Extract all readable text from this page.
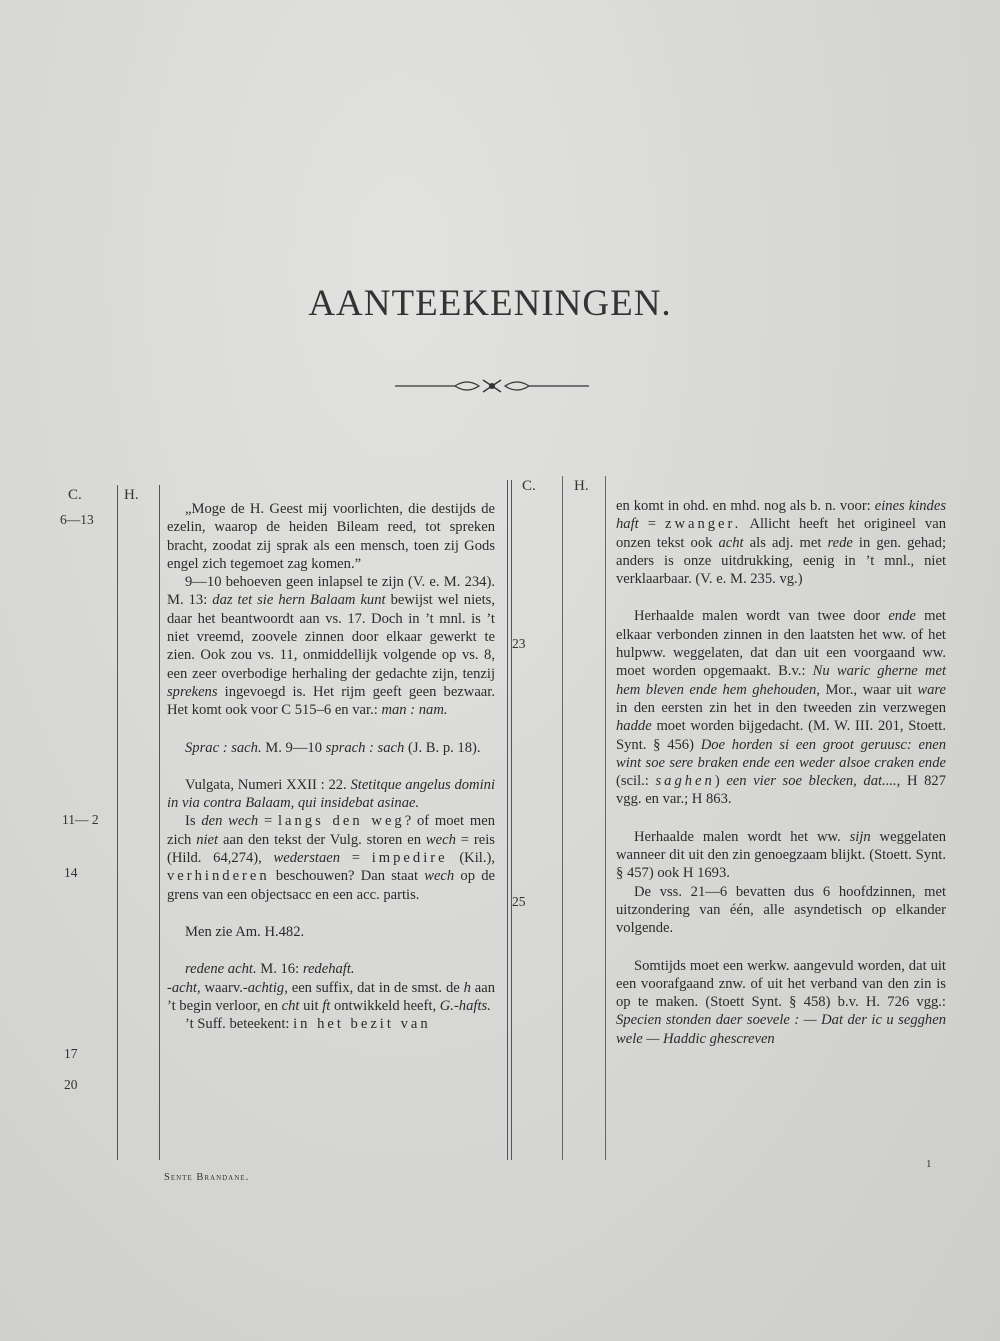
AANTEEKENINGEN.
C.	H.
6—13
11— 2
14
17
20

„Moge de H. Geest mij voorlichten, die destijds de ezelin, waarop de heiden Bileam reed, tot spreken bracht, zoodat zij sprak als een mensch, toen zij Gods engel zich tegemoet zag komen.”

9—10 behoeven geen inlapsel te zijn (V. e. M. 234). M. 13: daz tet sie hern Balaam kunt bewijst wel niets, daar het beantwoordt aan vs. 17. Doch in ’t mnl. is ’t niet vreemd, zoovele zinnen door elkaar gewerkt te zien. Ook zou vs. 11, onmiddellijk volgende op vs. 8, een zeer overbodige herhaling der gedachte zijn, tenzij sprekens ingevoegd is. Het rijm geeft geen bezwaar. Het komt ook voor C 515–6 en var.: man : nam.

Sprac : sach. M. 9—10 sprach : sach (J. B. p. 18).

Vulgata, Numeri XXII : 22. Stetitque angelus domini in via contra Balaam, qui insidebat asinae.

Is den wech = langs den weg? of moet men zich niet aan den tekst der Vulg. storen en wech = reis (Hild. 64,274), wederstaen = impedire (Kil.), verhinderen beschouwen? Dan staat wech op de grens van een objectsacc en een acc. partis.

Men zie Am. H.482.

redene acht. M. 16: redehaft.

-acht, waarv.-achtig, een suffix, dat in de smst. de h aan ’t begin verloor, en cht uit ft ontwikkeld heeft, G.-hafts.

’t Suff. beteekent: in het bezit van

C.	H.
23
25

en komt in ohd. en mhd. nog als b. n. voor: eines kindes haft = zwanger. Allicht heeft het origineel van onzen tekst ook acht als adj. met rede in gen. gehad; anders is onze uitdrukking, eenig in ’t mnl., niet verklaarbaar. (V. e. M. 235. vg.)

Herhaalde malen wordt van twee door ende met elkaar verbonden zinnen in den laatsten het ww. of het hulpww. weggelaten, dat dan uit een voorgaand ww. moet worden opgemaakt. B.v.: Nu waric gherne met hem bleven ende hem ghehouden, Mor., waar uit ware in den eersten zin het in den tweeden zin verzwegen hadde moet worden bijgedacht. (M. W. III. 201, Stoett. Synt. § 456) Doe horden si een groot geruusc: enen wint soe sere braken ende een weder alsoe craken ende (scil.: saghen) een vier soe blecken, dat...., H 827 vgg. en var.; H 863.

Herhaalde malen wordt het ww. sijn weggelaten wanneer dit uit den zin genoegzaam blijkt. (Stoett. Synt. § 457) ook H 1693.

De vss. 21—6 bevatten dus 6 hoofdzinnen, met uitzondering van één, alle asyndetisch op elkander volgende.

Somtijds moet een werkw. aangevuld worden, dat uit een voorafgaand znw. of uit het verband van den zin is op te maken. (Stoett Synt. § 458) b.v. H. 726 vgg.: Specien stonden daer soevele : — Dat der ic u segghen wele — Haddic ghescreven

Sente Brandane.
1
